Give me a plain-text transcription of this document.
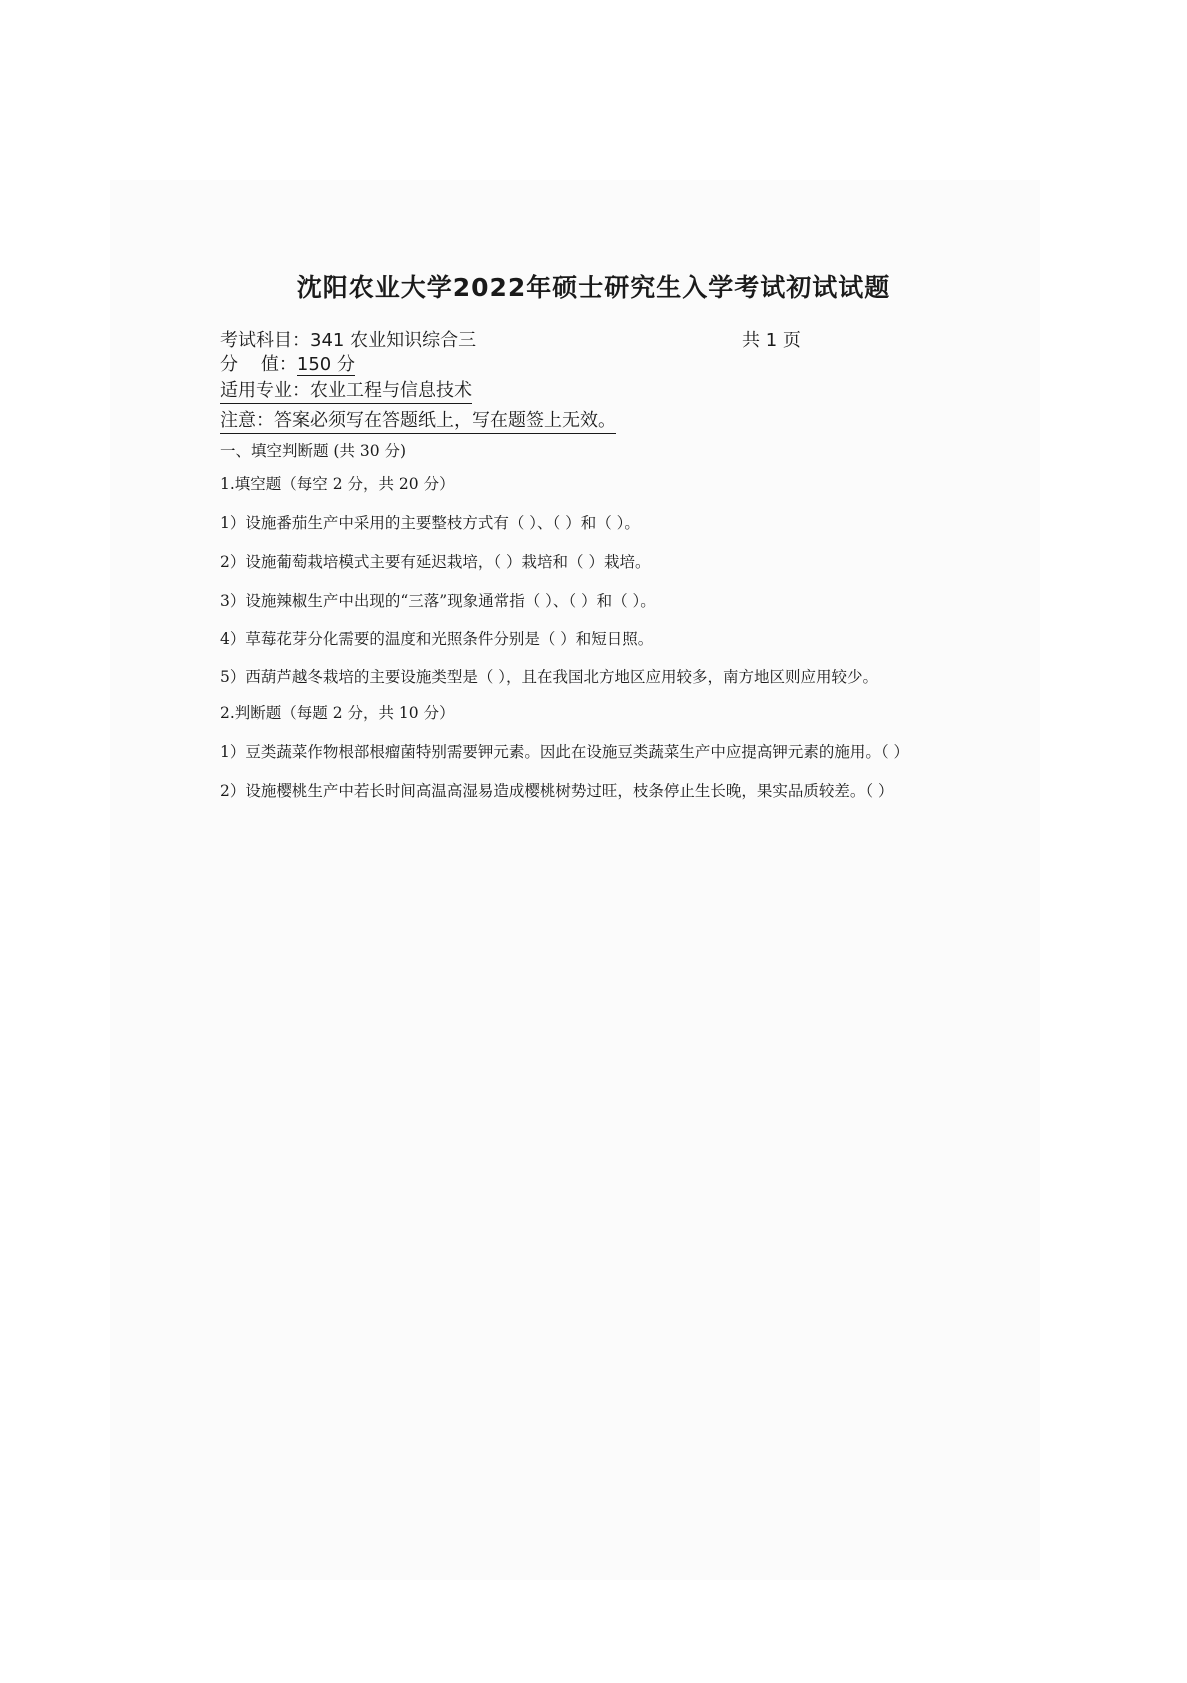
沈阳农业大学2022年硕士研究生入学考试初试试题
考试科目：341 农业知识综合三	共 1 页
分    值：150 分
适用专业：农业工程与信息技术
注意：答案必须写在答题纸上，写在题签上无效。
一、填空判断题 (共 30 分)
1.填空题（每空 2 分，共 20 分）
1）设施番茄生产中采用的主要整枝方式有（ ）、（ ）和（ ）。
2）设施葡萄栽培模式主要有延迟栽培，（ ）栽培和（ ）栽培。
3）设施辣椒生产中出现的“三落”现象通常指（ ）、（ ）和（ ）。
4）草莓花芽分化需要的温度和光照条件分别是（ ）和短日照。
5）西葫芦越冬栽培的主要设施类型是（ ），且在我国北方地区应用较多，南方地区则应用较少。
2.判断题（每题 2 分，共 10 分）
1）豆类蔬菜作物根部根瘤菌特别需要钾元素。因此在设施豆类蔬菜生产中应提高钾元素的施用。（ ）
2）设施樱桃生产中若长时间高温高湿易造成樱桃树势过旺，枝条停止生长晚，果实品质较差。（ ）
